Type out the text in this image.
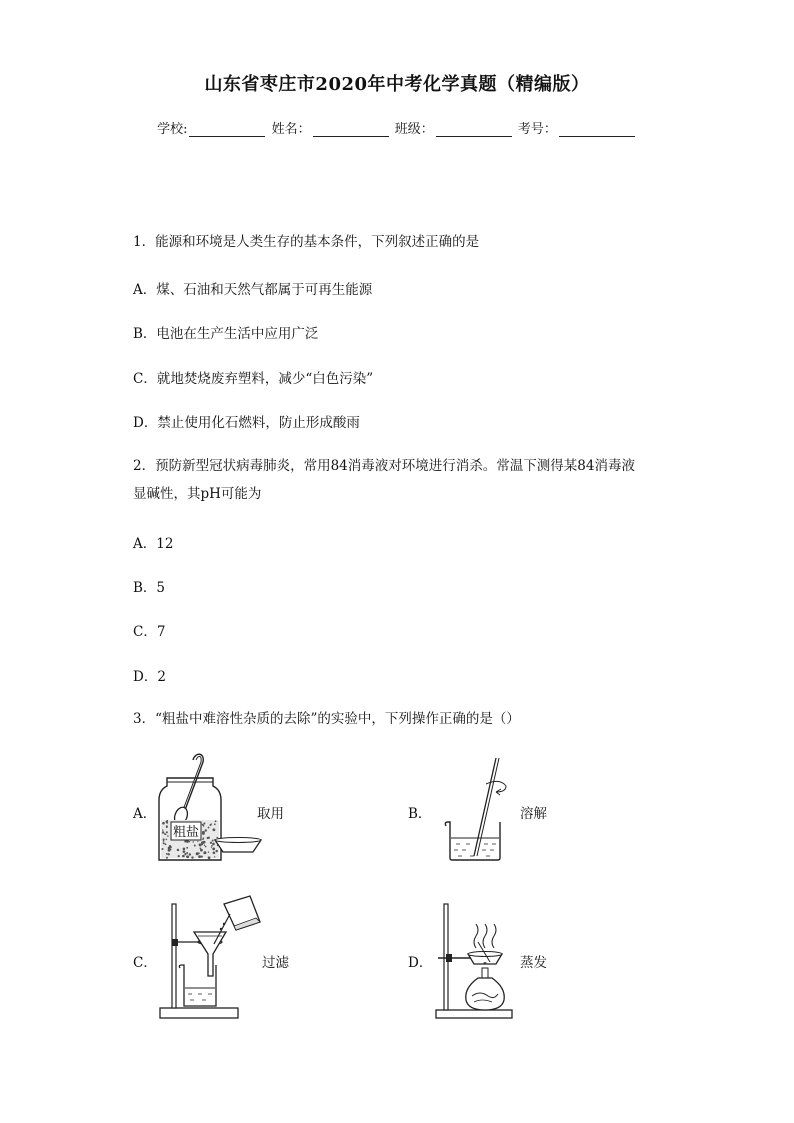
山东省枣庄市2020年中考化学真题（精编版）
学校:	姓名：	班级：	考号：
1．能源和环境是人类生存的基本条件，下列叙述正确的是
A．煤、石油和天然气都属于可再生能源
B．电池在生产生活中应用广泛
C．就地焚烧废弃塑料，减少“白色污染”
D．禁止使用化石燃料，防止形成酸雨
2．预防新型冠状病毒肺炎，常用84消毒液对环境进行消杀。常温下测得某84消毒液
显碱性，其pH可能为
A．12
B．5
C．7
D．2
3．“粗盐中难溶性杂质的去除”的实验中，下列操作正确的是（）
A．
粗盐
取用	B．	溶解
C．	过滤	D．	蒸发
